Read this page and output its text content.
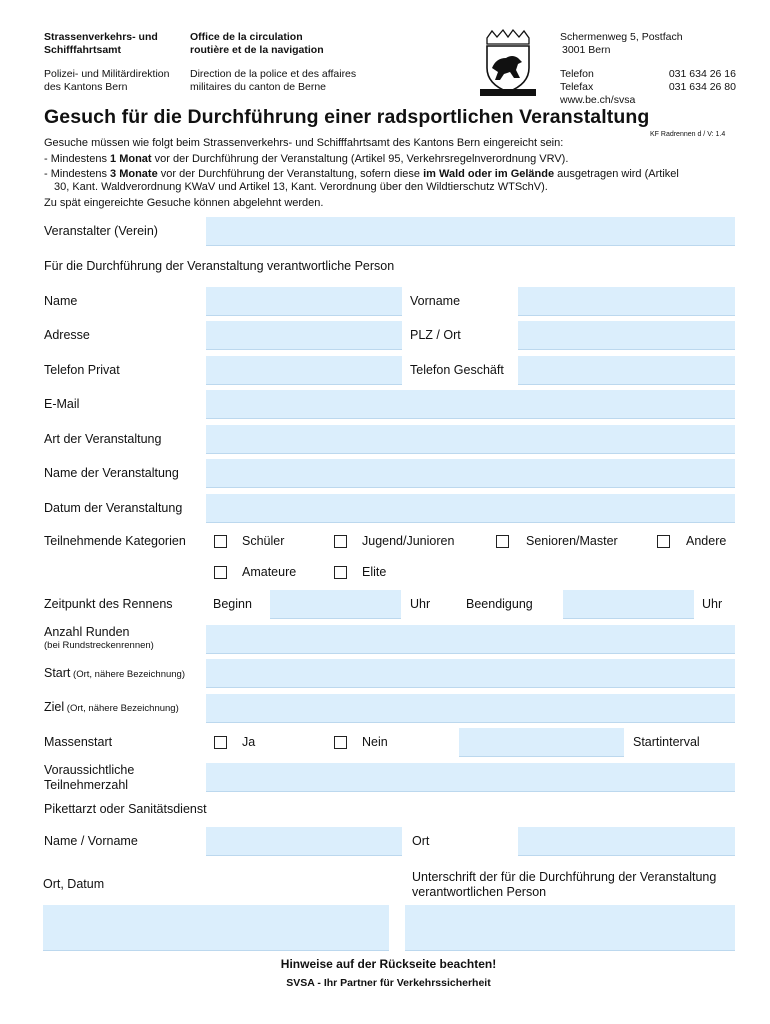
Strassenverkehrs- und
Schifffahrtsamt
Office de la circulation
routière et de la navigation
Polizei- und Militärdirektion
des Kantons Bern
Direction de la police et des affaires
militaires du canton de Berne
Schermenweg 5, Postfach
3001 Bern
Telefon	031 634 26 16
Telefax	031 634 26 80
www.be.ch/svsa
Gesuch für die Durchführung einer radsportlichen Veranstaltung
KF Radrennen d / V: 1.4
Gesuche müssen wie folgt beim Strassenverkehrs- und Schifffahrtsamt des Kantons Bern eingereicht sein:
- Mindestens 1 Monat vor der Durchführung der Veranstaltung (Artikel 95, Verkehrsregelnverordnung VRV).
- Mindestens 3 Monate vor der Durchführung der Veranstaltung, sofern diese im Wald oder im Gelände ausgetragen wird (Artikel
30, Kant. Waldverordnung KWaV und Artikel 13, Kant. Verordnung über den Wildtierschutz WTSchV).
Zu spät eingereichte Gesuche können abgelehnt werden.
Veranstalter (Verein)
Für die Durchführung der Veranstaltung verantwortliche Person
Name	Vorname
Adresse	PLZ / Ort
Telefon Privat	Telefon Geschäft
E-Mail
Art der Veranstaltung
Name der Veranstaltung
Datum der Veranstaltung
Teilnehmende Kategorien	Schüler	Jugend/Junioren	Senioren/Master	Andere
Amateure	Elite
Zeitpunkt des Rennens	Beginn	Uhr	Beendigung	Uhr
Anzahl Runden
(bei Rundstreckenrennen)
Start (Ort, nähere Bezeichnung)
Ziel (Ort, nähere Bezeichnung)
Massenstart	Ja	Nein	Startinterval
Voraussichtliche
Teilnehmerzahl
Pikettarzt oder Sanitätsdienst
Name / Vorname	Ort
Ort, Datum	Unterschrift der für die Durchführung der Veranstaltung
verantwortlichen Person
Hinweise auf der Rückseite beachten!
SVSA - Ihr Partner für Verkehrssicherheit
